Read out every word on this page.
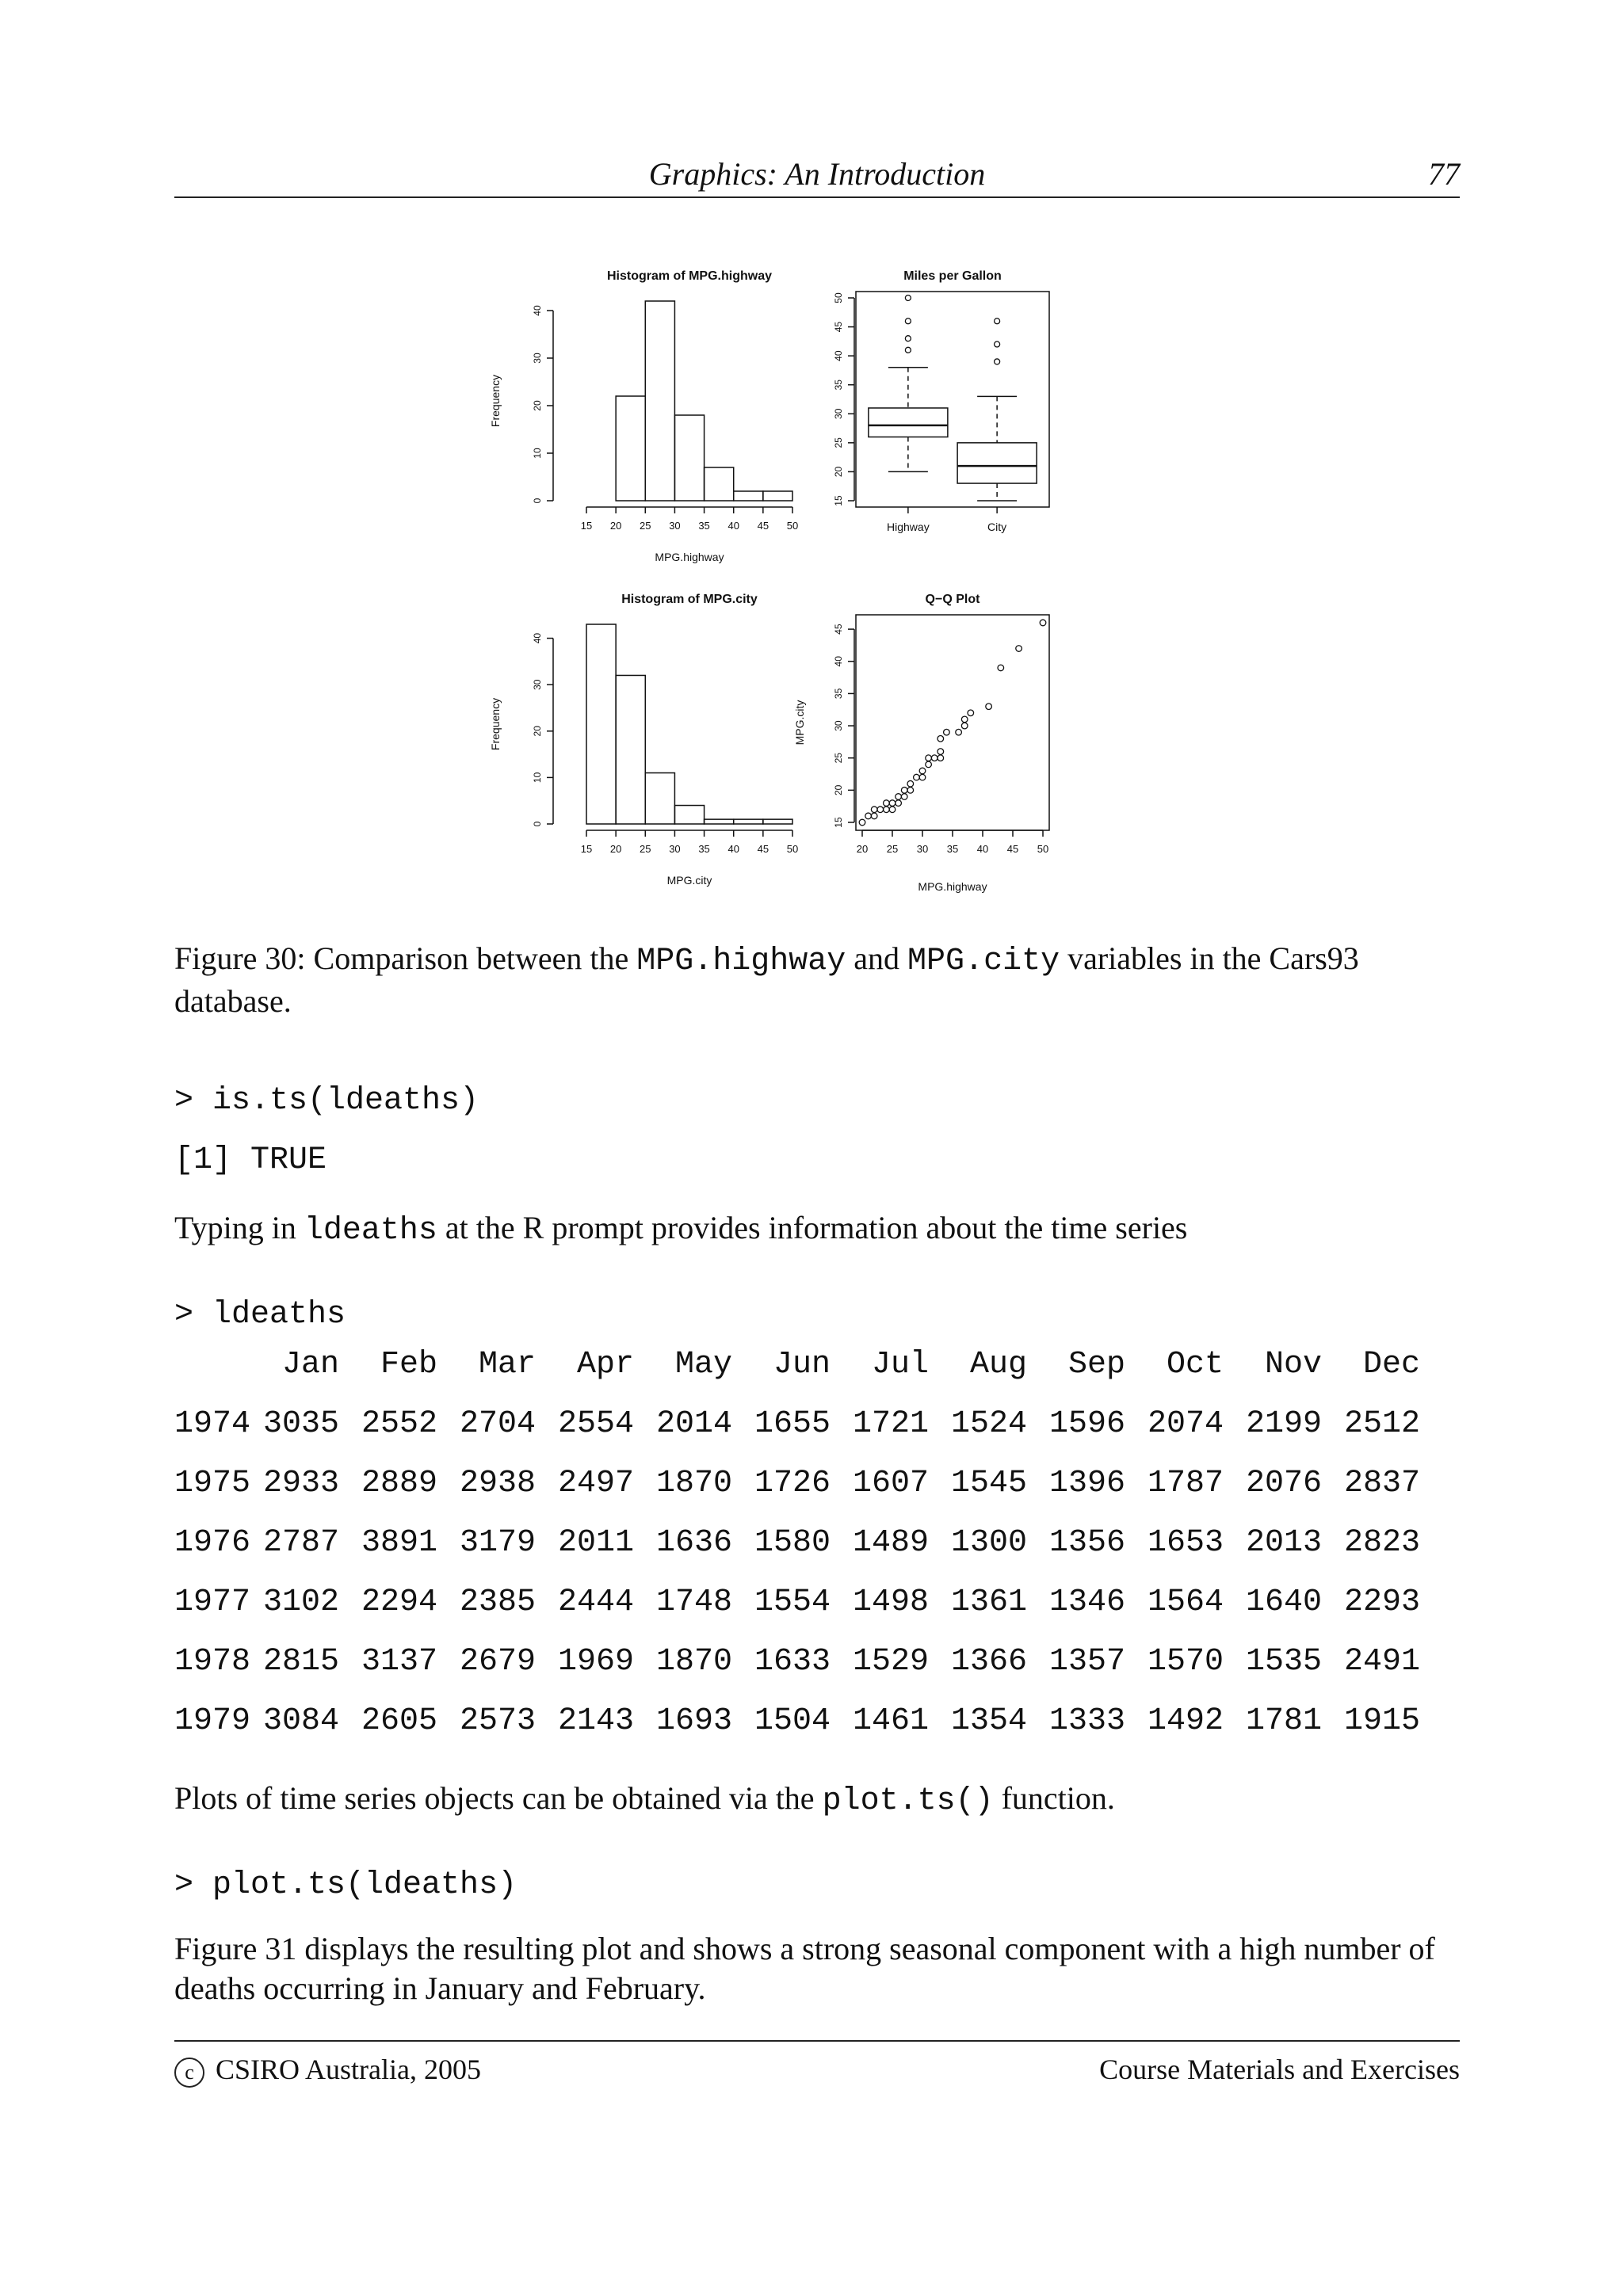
Graphics: An Introduction	77
Histogram of MPG.highway
0
10
20
30
40
15 20 25 30 35 40 45 50
MPG.highway
Frequency
Miles per Gallon
15
20
25
30
35
40
45
50
Highway	City
Histogram of MPG.city
0
10
20
30
40
15 20 25 30 35 40 45 50
MPG.city
Frequency
Q−Q Plot
15
20
25
30
35
40
45
20 25 30 35 40 45 50
MPG.highway
MPG.city
Figure 30: Comparison between the MPG.highway and MPG.city variables in the Cars93 database.
> is.ts(ldeaths)
[1] TRUE
Typing in ldeaths at the R prompt provides information about the time series
> ldeaths
Jan	Feb	Mar	Apr	May	Jun	Jul	Aug	Sep	Oct	Nov	Dec
1974 3035 2552 2704 2554 2014 1655 1721 1524 1596 2074 2199 2512
1975 2933 2889 2938 2497 1870 1726 1607 1545 1396 1787 2076 2837
1976 2787 3891 3179 2011 1636 1580 1489 1300 1356 1653 2013 2823
1977 3102 2294 2385 2444 1748 1554 1498 1361 1346 1564 1640 2293
1978 2815 3137 2679 1969 1870 1633 1529 1366 1357 1570 1535 2491
1979 3084 2605 2573 2143 1693 1504 1461 1354 1333 1492 1781 1915
Plots of time series objects can be obtained via the plot.ts() function.
> plot.ts(ldeaths)
Figure 31 displays the resulting plot and shows a strong seasonal component with a high number of deaths occurring in January and February.
c CSIRO Australia, 2005	Course Materials and Exercises
